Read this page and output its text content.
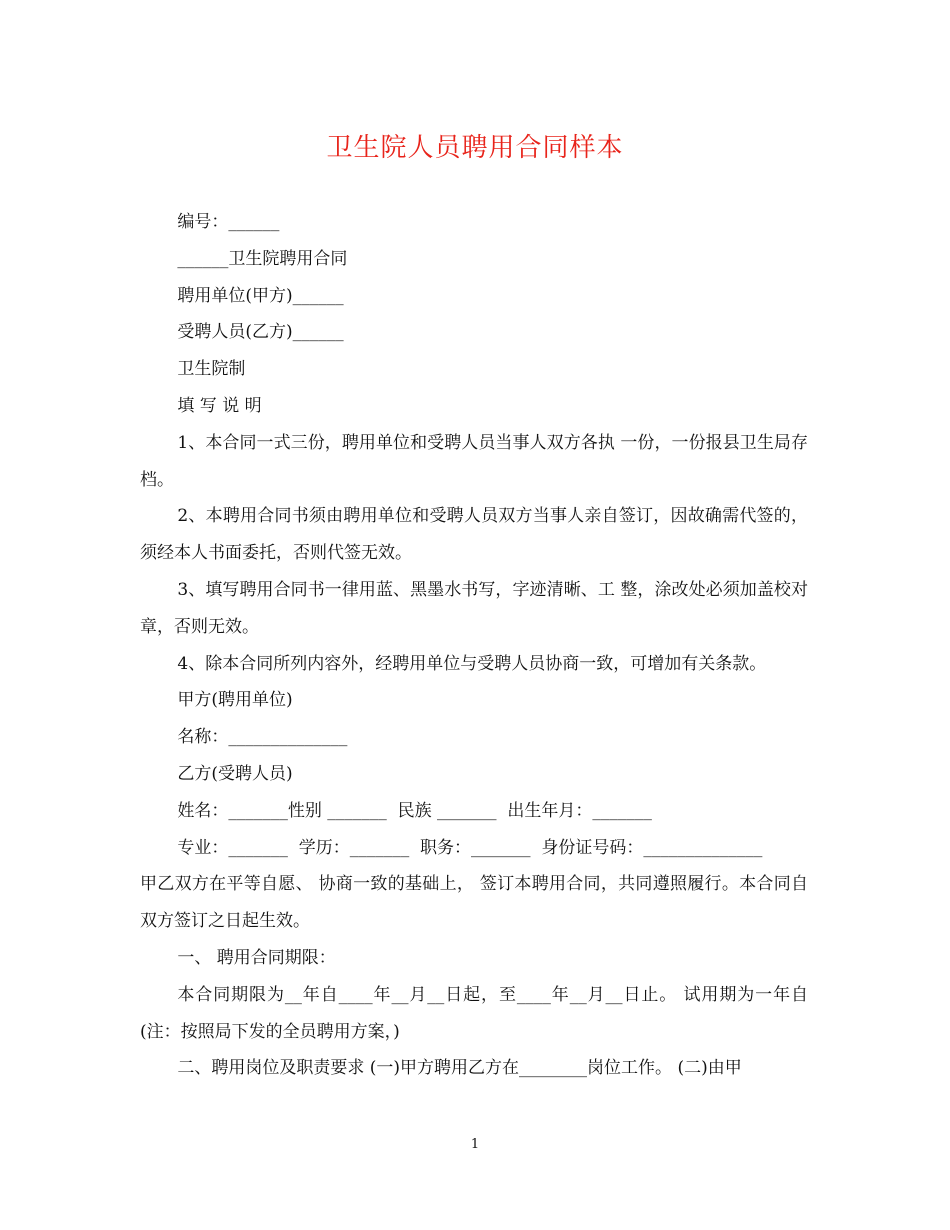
卫生院人员聘用合同样本

编号：______

______卫生院聘用合同

聘用单位(甲方)______

受聘人员(乙方)______

卫生院制

填 写 说 明

1、本合同一式三份，聘用单位和受聘人员当事人双方各执 一份，一份报县卫生局存档。

2、本聘用合同书须由聘用单位和受聘人员双方当事人亲自签订，因故确需代签的，须经本人书面委托，否则代签无效。

3、填写聘用合同书一律用蓝、黑墨水书写，字迹清晰、工 整，涂改处必须加盖校对章，否则无效。

4、除本合同所列内容外，经聘用单位与受聘人员协商一致，可增加有关条款。

甲方(聘用单位)

名称：______________

乙方(受聘人员)

姓名：_______性别 _______  民族 _______  出生年月：_______

专业：_______  学历：_______  职务：_______  身份证号码：______________

甲乙双方在平等自愿、 协商一致的基础上， 签订本聘用合同，共同遵照履行。本合同自双方签订之日起生效。

一、 聘用合同期限：

本合同期限为__年自____年__月__日起，至____年__月__日止。 试用期为一年自 (注：按照局下发的全员聘用方案，)

二、聘用岗位及职责要求 (一)甲方聘用乙方在________岗位工作。 (二)由甲

1
